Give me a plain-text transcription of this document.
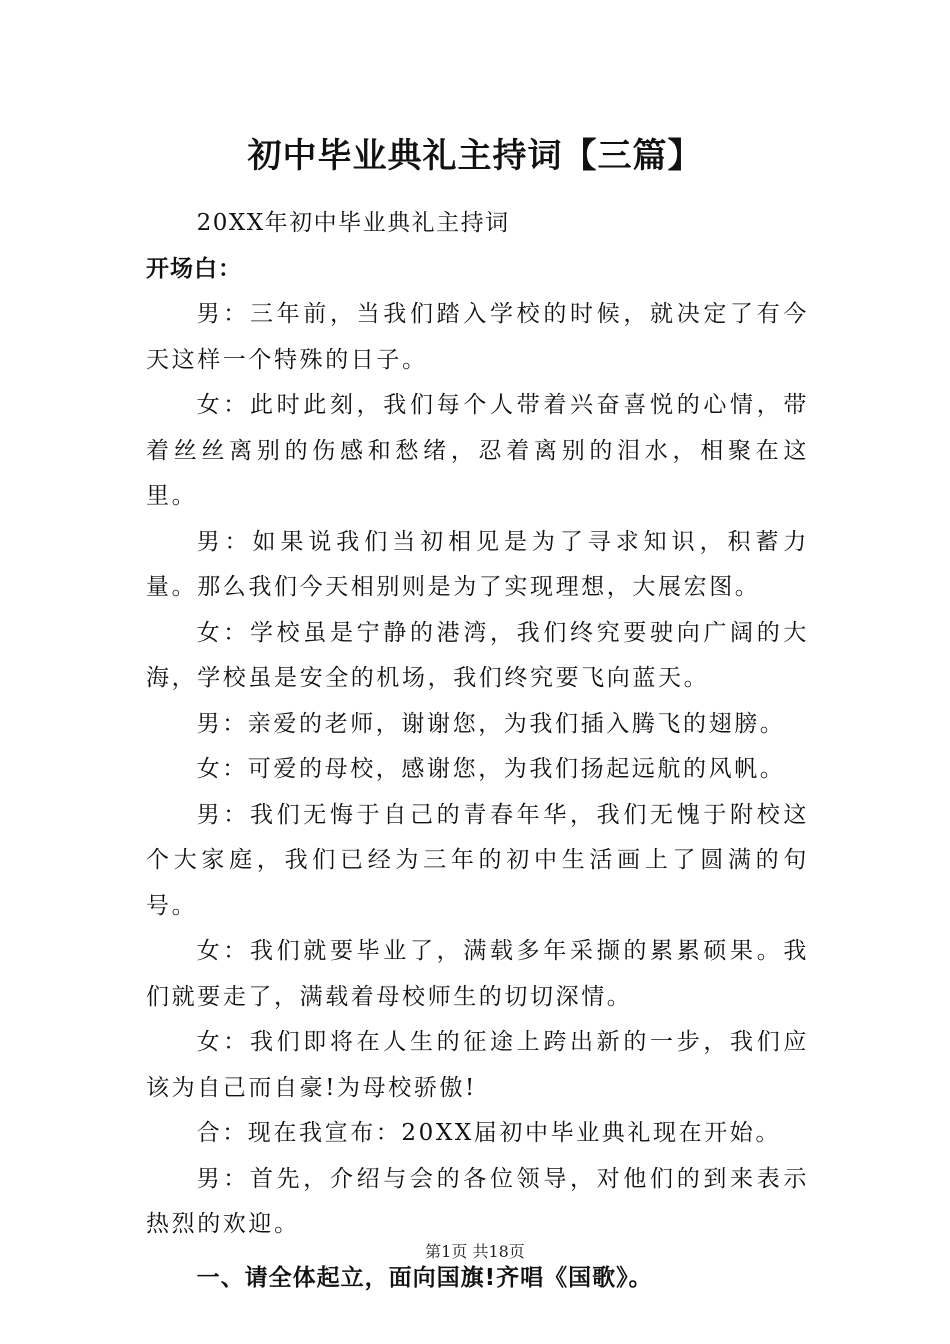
初中毕业典礼主持词【三篇】

20XX年初中毕业典礼主持词

开场白：

男：三年前，当我们踏入学校的时候，就决定了有今天这样一个特殊的日子。

女：此时此刻，我们每个人带着兴奋喜悦的心情，带着丝丝离别的伤感和愁绪，忍着离别的泪水，相聚在这里。

男：如果说我们当初相见是为了寻求知识，积蓄力量。那么我们今天相别则是为了实现理想，大展宏图。

女：学校虽是宁静的港湾，我们终究要驶向广阔的大海，学校虽是安全的机场，我们终究要飞向蓝天。

男：亲爱的老师，谢谢您，为我们插入腾飞的翅膀。

女：可爱的母校，感谢您，为我们扬起远航的风帆。

男：我们无悔于自己的青春年华，我们无愧于附校这个大家庭，我们已经为三年的初中生活画上了圆满的句号。

女：我们就要毕业了，满载多年采撷的累累硕果。我们就要走了，满载着母校师生的切切深情。

女：我们即将在人生的征途上跨出新的一步，我们应该为自己而自豪!为母校骄傲!

合：现在我宣布：20XX届初中毕业典礼现在开始。

男：首先，介绍与会的各位领导，对他们的到来表示热烈的欢迎。

一、请全体起立，面向国旗!齐唱《国歌》。

第1页 共18页
